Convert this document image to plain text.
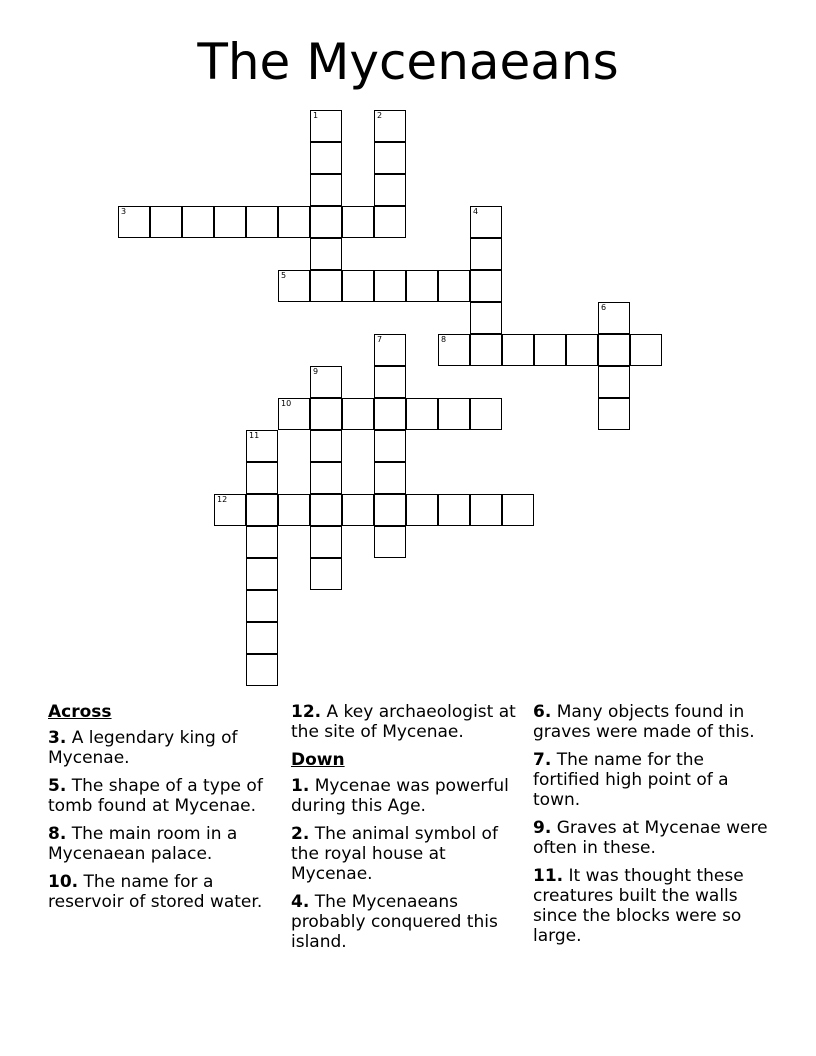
The Mycenaeans
1	2
3	4
5
6
7	8
9
10
11
12
Across
3. A legendary king of Mycenae.
5. The shape of a type of tomb found at Mycenae.
8. The main room in a Mycenaean palace.
10. The name for a reservoir of stored water.
12. A key archaeologist at the site of Mycenae.
Down
1. Mycenae was powerful during this Age.
2. The animal symbol of the royal house at Mycenae.
4. The Mycenaeans probably conquered this island.
6. Many objects found in graves were made of this.
7. The name for the fortified high point of a town.
9. Graves at Mycenae were often in these.
11. It was thought these creatures built the walls since the blocks were so large.
